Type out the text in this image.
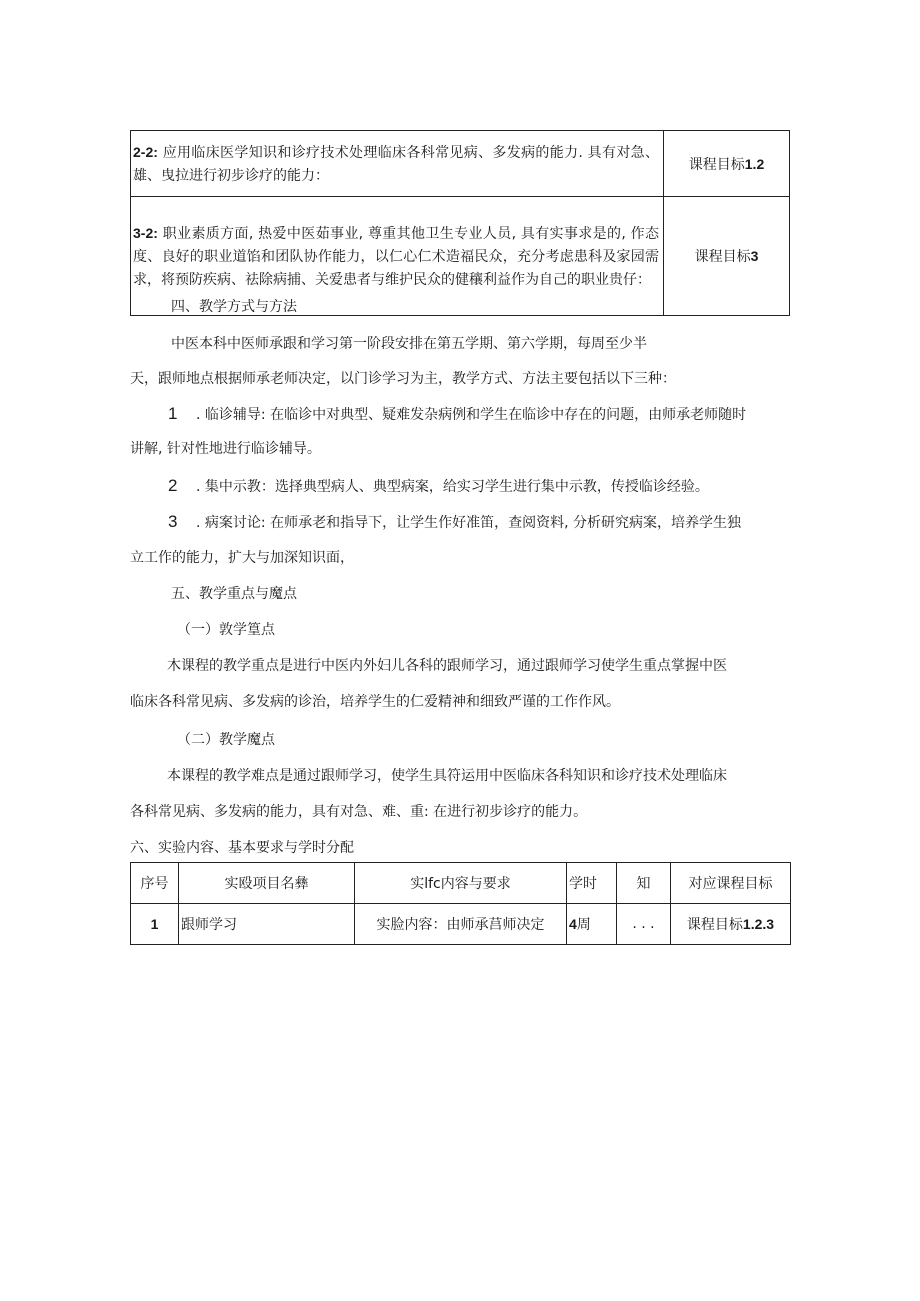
2-2: 应用临床医学知识和诊疗技术处理临床各科常见病、多发病的能力. 具有对急、雄、曳拉进行初步诊疗的能力：	课程目标1.2
3-2: 职业素质方面, 热爱中医茹事业, 尊重其他卫生专业人员, 具有实事求是的, 作态度、良好的职业道馅和团队协作能力，以仁心仁术造福民众，充分考虑患科及家园需求，将预防疾病、祛除病捕、关爱患者与维护民众的健穰利益作为自己的职业贵仔：	课程目标3
四、教学方式与方法
中医本科中医师承跟和学习第一阶段安排在第五学期、第六学期，每周至少半
天，跟师地点根据师承老师决定，以门诊学习为主，教学方式、方法主要包括以下三种：
1 . 临诊辅导: 在临诊中对典型、疑难发杂病例和学生在临诊中存在的问题，由师承老师随时
讲解, 针对性地进行临诊辅导。
2 . 集中示教：选择典型病人、典型病案，给实习学生进行集中示教，传授临诊经验。
3 . 病案讨论: 在师承老和指导下，让学生作好准笛，查阅资料, 分析研究病案，培养学生独
立工作的能力，扩大与加深知识面，
五、教学重点与魔点
（一）敦学篁点
木课程的教学重点是进行中医内外妇儿各科的跟师学习，通过跟师学习使学生重点掌握中医
临床各科常见病、多发病的诊治，培养学生的仁爱精神和细致严谨的工作作风。
（二）教学魔点
本课程的教学难点是通过跟师学习，使学生具符运用中医临床各科知识和诊疗技术处理临床
各科常见病、多发病的能力，具有对急、难、重: 在进行初步诊疗的能力。
六、实验内容、基本要求与学时分配
序号	实殴项目名彝	实lfc内容与要求	学时	知	对应课程目标
1	跟师学习	实脸内容：由师承莒师决定	4周	. . .	课程目标1.2.3
